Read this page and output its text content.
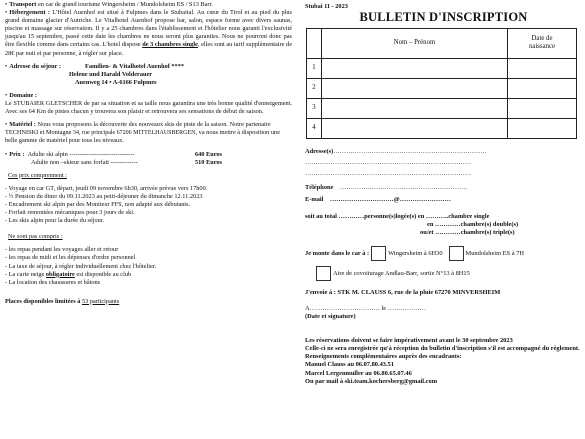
• Transport en car de grand tourisme Wingersheim / Mundolsheim ES / S13 Barr.

• Hébergement : L'Hôtel Auenhof est situé à Fulpmes dans le Stubaital. Au cœur du Tirol et au pied du plus grand domaine glacier d'Autriche. Le Vitalhotel Auenhof propose bar, salon, espace forme avec divers saunas, piscine et massage sur réservation. Il y a 25 chambres dans l'établissement et l'hôtelier nous garanti l'exclusivité jusqu'au 15 septembre, passé cette date les chambres ne nous seront plus garanties. Nous ne pourront donc pas être flexible comme dans certains cas. L'hotel dispose de 3 chambres single, elles sont au tarif supplémentaire de 28€ par nuit et par personne, à régler sur place.

• Adresse du séjour :	Familien- & Vitalhotel Auenhof ****
Helene und Harald Volderauer
Auenweg 14 • A-6166 Fulpmes

• Domaine :

Le STUBAIER GLETSCHER de par sa situation et sa taille nous garantira une très bonne qualité d'enneigement. Avec ses 64 Km de pistes chacun y trouvera son plaisir et retrouvera ses sensations de début de saison.

• Matériel : Nous vous proposons la découverte des nouveaux skis de piste de la saison. Notre partenaire TECHNISKI et Montagne 34, rue principale 67206 MITTELHAUSBERGEN, va nous mettre à disposition une belle gamme de matériel pour tous les niveaux.

• Prix : Adulte ski alpin -------------------------------	640 Euros
Adulte non –skieur sans forfait -------------	510 Euros

Ces prix comprennent :

- Voyage en car GT, départ, jeudi 09 novembre 6h30, arrivée prévue vers 17h00.
- ½ Pension du diner du 09.11.2023 au petit-déjeuner du dimanche 12.11.2023
- Encadrement ski alpin par des Moniteur FFS, non adapté aux débutants.
- Forfait remontées mécaniques pour 3 jours de ski.
- Les skis alpin pour la durée du séjour.

Ne sont pas compris :

- les repas pendant les voyages aller et retour
- les repas de midi et les dépenses d'ordre personnel
- La taxe de séjour, à régler individuellement chez l'hôtelier.
- La carte neige obligatoire est disponible au club
- La location des chaussures et bâtons

Places disponibles limitées à 53 participants

Stubai 11 - 2023
BULLETIN D'INSCRIPTION
	Nom – Prénom	Date de
naissance
1		
2		
3		
4		
Adresse(s)………………………………………………………………
……………………………………………………………………
……………………………………………………………………
Téléphone ……………………………………………………
E-mail …………………………@……………………
soit au total …………personne(s)logée(s) en ………..chambre single
en …………chambre(s) double(s)
ou/et …………chambre(s) triple(s)
Je monte dans le car à :	Wingersheim à 6H30	Mundolsheim ES à 7H
Aire de covoiturage Andlau-Barr, sortie N°13 à 8H15
J'envoie à : STK M. CLAUSS 6, rue de la pluie 67270 MINVERSHEIM
A…………………………… le ………………
(Date et signature)
Les réservations doivent se faire impérativement avant le 30 septembre 2023
Celle-ci ne sera enregistrée qu'à réception du bulletin d'inscription s'il est accompagné du règlement.
Renseignements complémentaires auprès des encadrants:
Manuel Clauss au 06.07.80.43.51
Marcel Lergenmuller au 06.80.65.07.46
Ou par mail à ski.team.kochersberg@gmail.com
